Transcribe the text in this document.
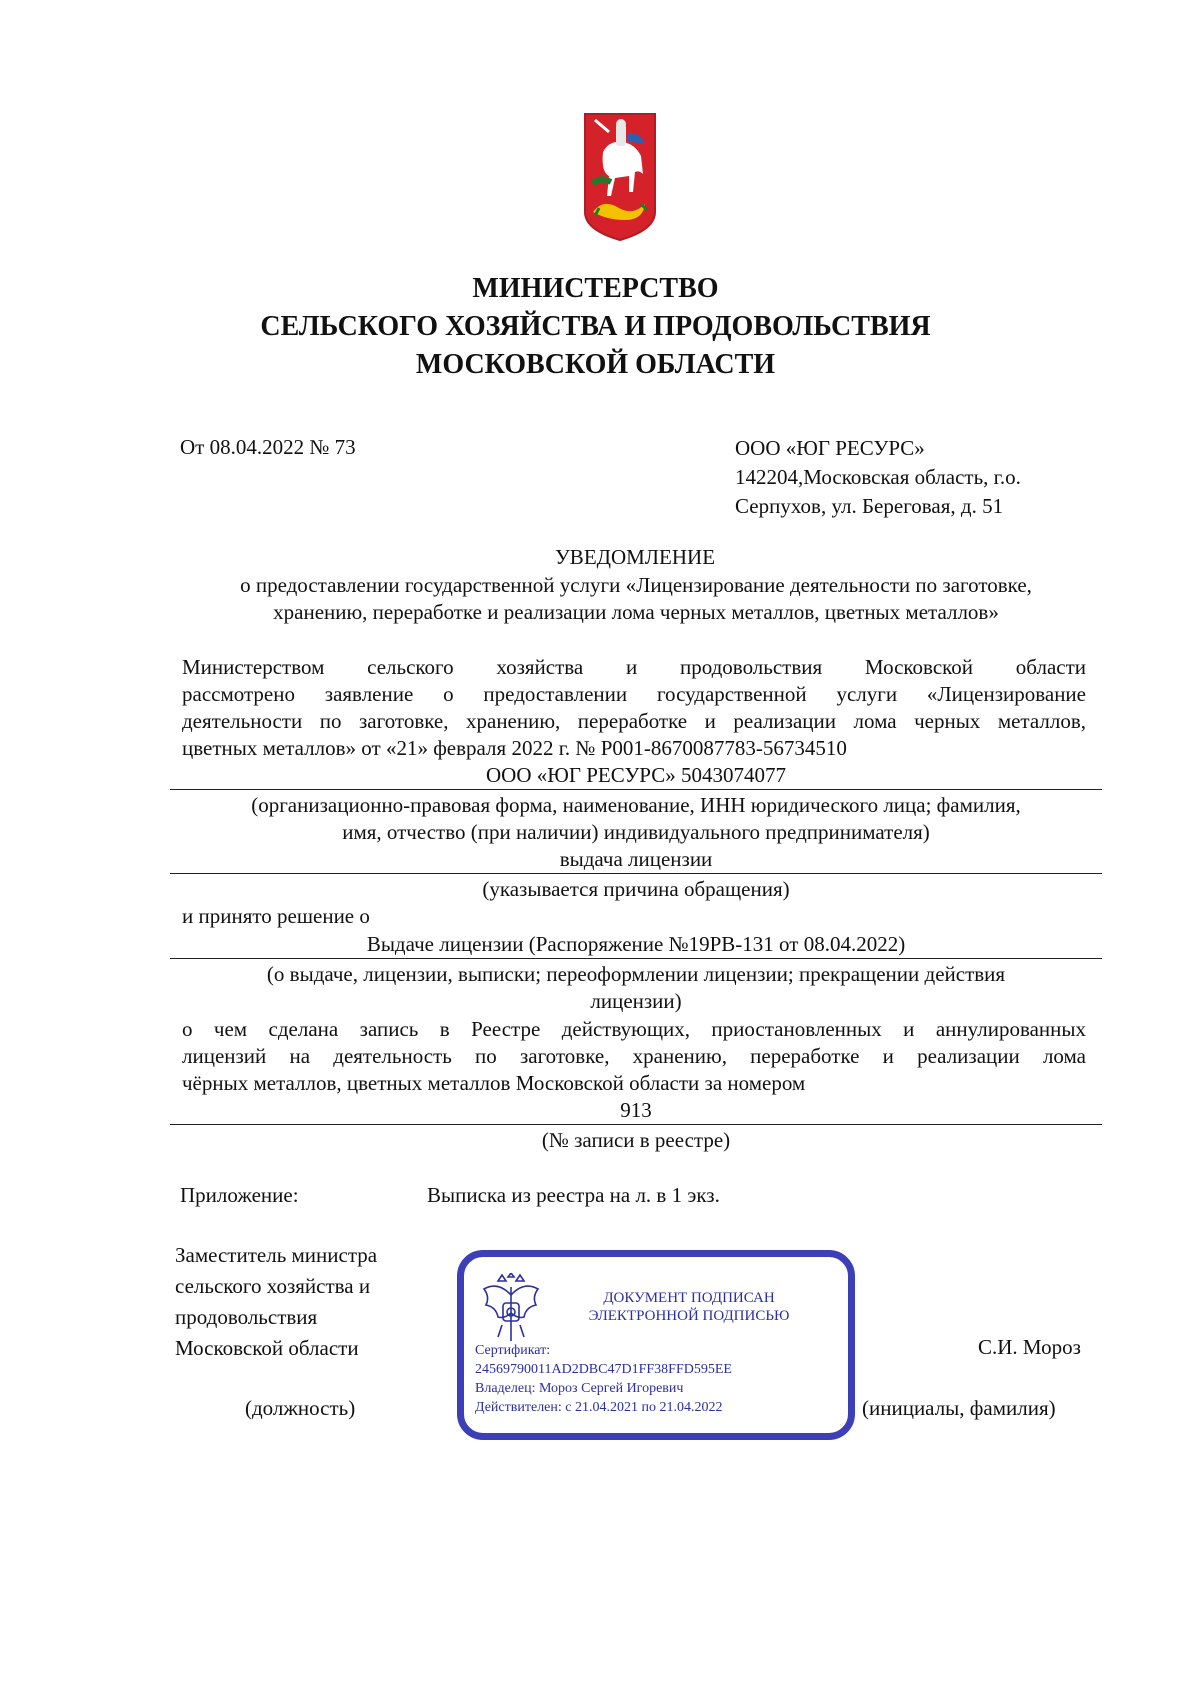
МИНИСТЕРСТВО
СЕЛЬСКОГО ХОЗЯЙСТВА И ПРОДОВОЛЬСТВИЯ
МОСКОВСКОЙ ОБЛАСТИ
От 08.04.2022 № 73	ООО «ЮГ РЕСУРС»
142204,Московская область, г.о.
Серпухов, ул. Береговая, д. 51
УВЕДОМЛЕНИЕ
о предоставлении государственной услуги «Лицензирование деятельности по заготовке,
хранению, переработке и реализации лома черных металлов, цветных металлов»
Министерством сельского хозяйства и продовольствия Московской области
рассмотрено заявление о предоставлении государственной услуги «Лицензирование
деятельности по заготовке, хранению, переработке и реализации лома черных металлов,
цветных металлов» от «21» февраля 2022 г. № Р001-8670087783-56734510
ООО «ЮГ РЕСУРС» 5043074077
(организационно-правовая форма, наименование, ИНН юридического лица; фамилия,
имя, отчество (при наличии) индивидуального предпринимателя)
выдача лицензии
(указывается причина обращения)
и принято решение о
Выдаче лицензии (Распоряжение №19РВ-131 от 08.04.2022)
(о выдаче, лицензии, выписки; переоформлении лицензии; прекращении действия
лицензии)
о чем сделана запись в Реестре действующих, приостановленных и аннулированных
лицензий на деятельность по заготовке, хранению, переработке и реализации лома
чёрных металлов, цветных металлов Московской области за номером
913
(№ записи в реестре)
Приложение:	Выписка из реестра на л. в 1 экз.
Заместитель министра
сельского хозяйства и
продовольствия
Московской области
(должность)
С.И. Мороз
(инициалы, фамилия)
ДОКУМЕНТ ПОДПИСАН
ЭЛЕКТРОННОЙ ПОДПИСЬЮ
Сертификат:
24569790011AD2DBC47D1FF38FFD595EE
Владелец: Мороз Сергей Игоревич
Действителен: с 21.04.2021 по 21.04.2022
